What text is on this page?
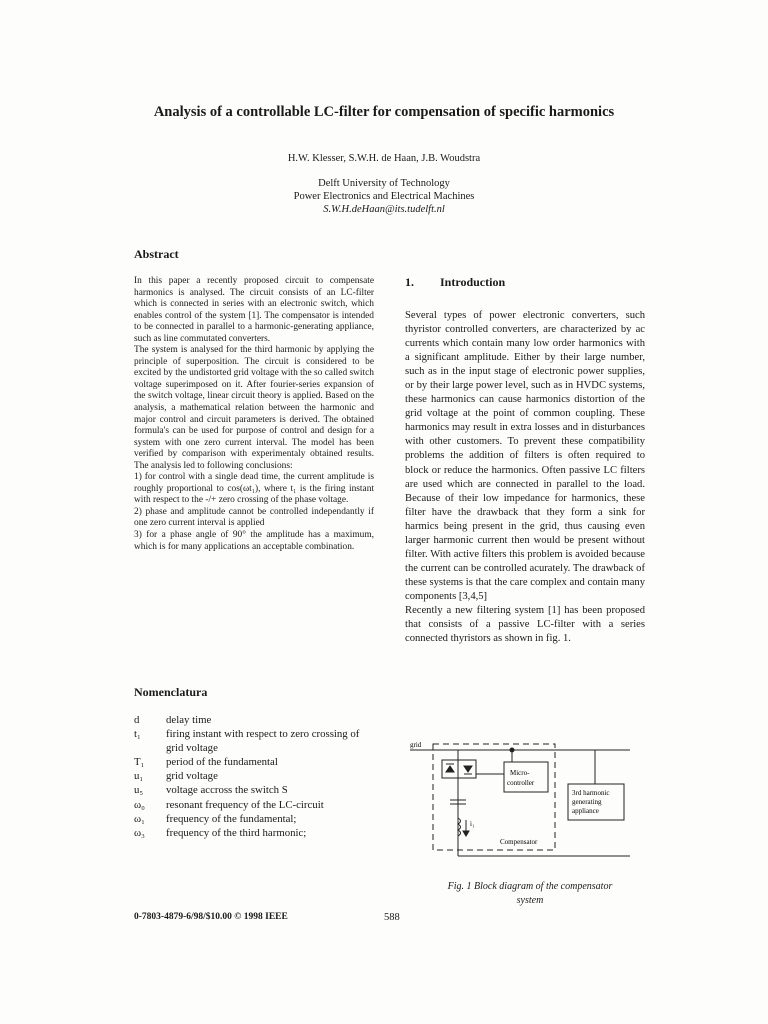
Analysis of a controllable LC-filter for compensation of specific harmonics
H.W. Klesser, S.W.H. de Haan, J.B. Woudstra
Delft University of Technology
Power Electronics and Electrical Machines
S.W.H.deHaan@its.tudelft.nl
Abstract

In this paper a recently proposed circuit to compensate harmonics is analysed. The circuit consists of an LC-filter which is connected in series with an electronic switch, which enables control of the system [1]. The compensator is intended to be connected in parallel to a harmonic-generating appliance, such as line commutated converters.

The system is analysed for the third harmonic by applying the principle of superposition. The circuit is considered to be excited by the undistorted grid voltage with the so called switch voltage superimposed on it. After fourier-series expansion of the switch voltage, linear circuit theory is applied. Based on the analysis, a mathematical relation between the harmonic and major control and circuit parameters is derived. The obtained formula's can be used for purpose of control and design for a system with one zero current interval. The model has been verified by comparison with experimentaly obtained results. The analysis led to following conclusions:

1) for control with a single dead time, the current amplitude is roughly proportional to cos(ωt₁), where t₁ is the firing instant with respect to the -/+ zero crossing of the phase voltage.

2) phase and amplitude cannot be controlled independantly if one zero current interval is applied

3) for a phase angle of 90° the amplitude has a maximum, which is for many applications an acceptable combination.

Nomenclatura
d	delay time
t₁	firing instant with respect to zero crossing of grid voltage
T₁	period of the fundamental
u₁	grid voltage
u₅	voltage accross the switch S
ω₀	resonant frequency of the LC-circuit
ω₁	frequency of the fundamental;
ω₃	frequency of the third harmonic;
1. Introduction

Several types of power electronic converters, such thyristor controlled converters, are characterized by ac currents which contain many low order harmonics with a significant amplitude. Either by their large number, such as in the input stage of electronic power supplies, or by their large power level, such as in HVDC systems, these harmonics can cause harmonics distortion of the grid voltage at the point of common coupling. These harmonics may result in extra losses and in disturbances with other customers. To prevent these compatibility problems the addition of filters is often required to block or reduce the harmonics. Often passive LC filters are used which are connected in parallel to the load. Because of their low impedance for harmonics, these filter have the drawback that they form a sink for harmics being present in the grid, thus causing even larger harmonic current then would be present without filter. With active filters this problem is avoided because the current can be controlled acurately. The drawback of these systems is that the care complex and contain many components [3,4,5]

Recently a new filtering system [1] has been proposed that consists of a passive LC-filter with a series connected thyristors as shown in fig. 1.

grid
Micro-
controller
3rd harmonic
generating
appliance
Compensator
i₁
Fig. 1 Block diagram of the compensator
system
0-7803-4879-6/98/$10.00 © 1998 IEEE	588
